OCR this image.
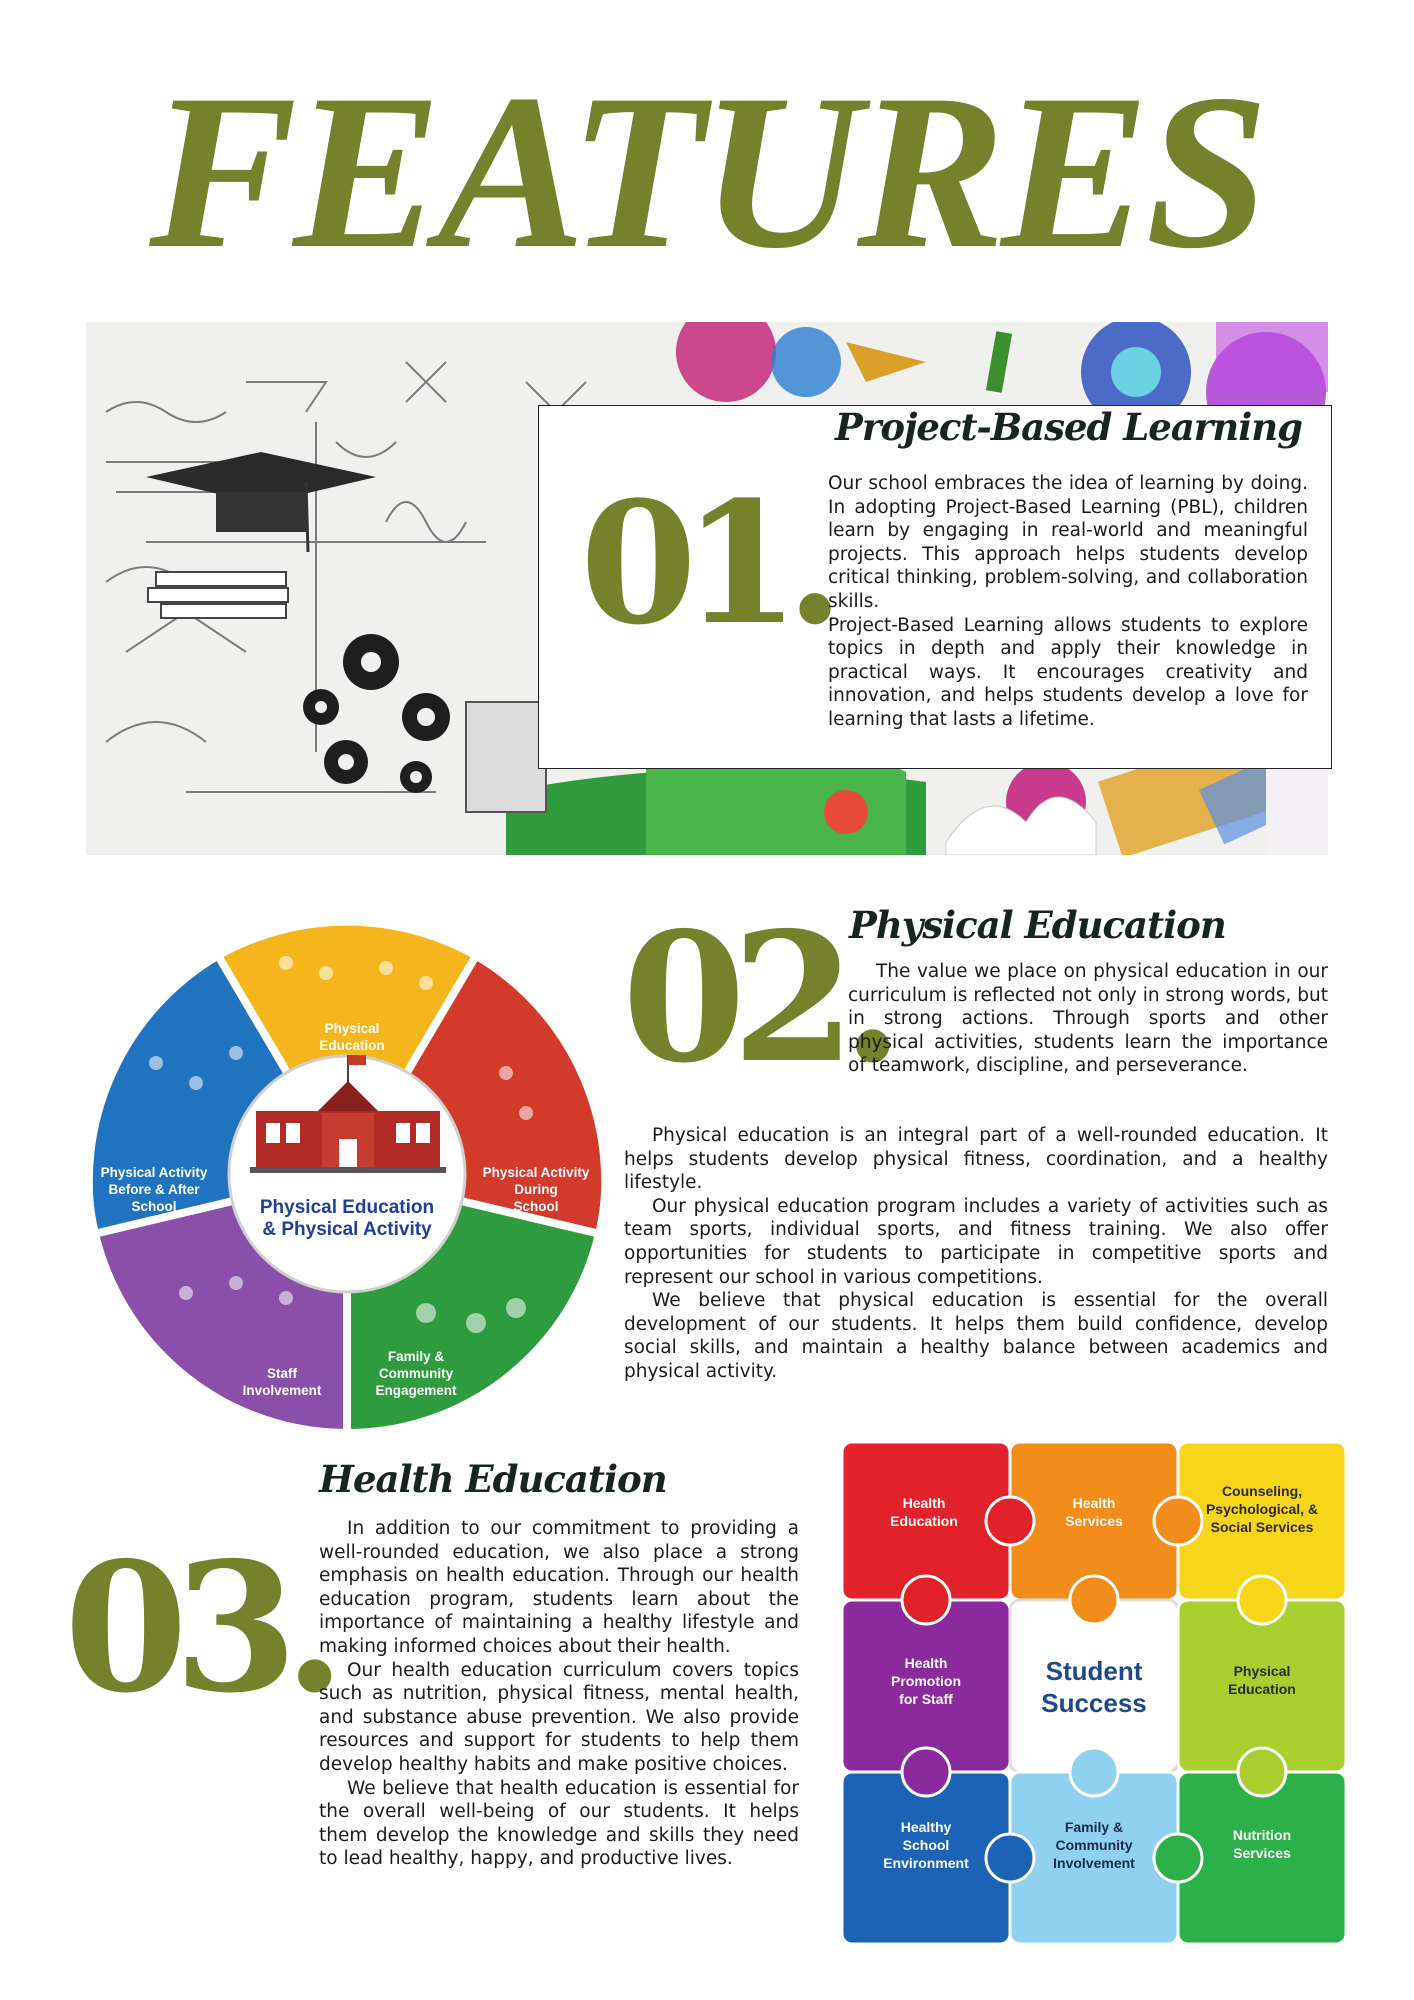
FEATURES
01.
Project-Based Learning

Our school embraces the idea of learning by doing. In adopting Project-Based Learning (PBL), children learn by engaging in real-world and meaningful projects. This approach helps students develop critical thinking, problem-solving, and collaboration skills.

Project-Based Learning allows students to explore topics in depth and apply their knowledge in practical ways. It encourages creativity and innovation, and helps students develop a love for learning that lasts a lifetime.

Physical Education
& Physical Activity
Physical
Education
Physical Activity
During
School
Family &
Community
Engagement
Staff
Involvement
Physical Activity
Before & After
School
02.
Physical Education

The value we place on physical education in our curriculum is reflected not only in strong words, but in strong actions. Through sports and other physical activities, students learn the importance of teamwork, discipline, and perseverance.

Physical education is an integral part of a well-rounded education. It helps students develop physical fitness, coordination, and a healthy lifestyle.

Our physical education program includes a variety of activities such as team sports, individual sports, and fitness training. We also offer opportunities for students to participate in competitive sports and represent our school in various competitions.

We believe that physical education is essential for the overall development of our students. It helps them build confidence, develop social skills, and maintain a healthy balance between academics and physical activity.

03.
Health Education

In addition to our commitment to providing a well-rounded education, we also place a strong emphasis on health education. Through our health education program, students learn about the importance of maintaining a healthy lifestyle and making informed choices about their health.

Our health education curriculum covers topics such as nutrition, physical fitness, mental health, and substance abuse prevention. We also provide resources and support for students to help them develop healthy habits and make positive choices.

We believe that health education is essential for the overall well-being of our students. It helps them develop the knowledge and skills they need to lead healthy, happy, and productive lives.

Health
Education
Health
Services
Counseling,
Psychological, &
Social Services
Health
Promotion
for Staff
Physical
Education
Healthy
School
Environment
Family &
Community
Involvement
Nutrition
Services
Student
Success
